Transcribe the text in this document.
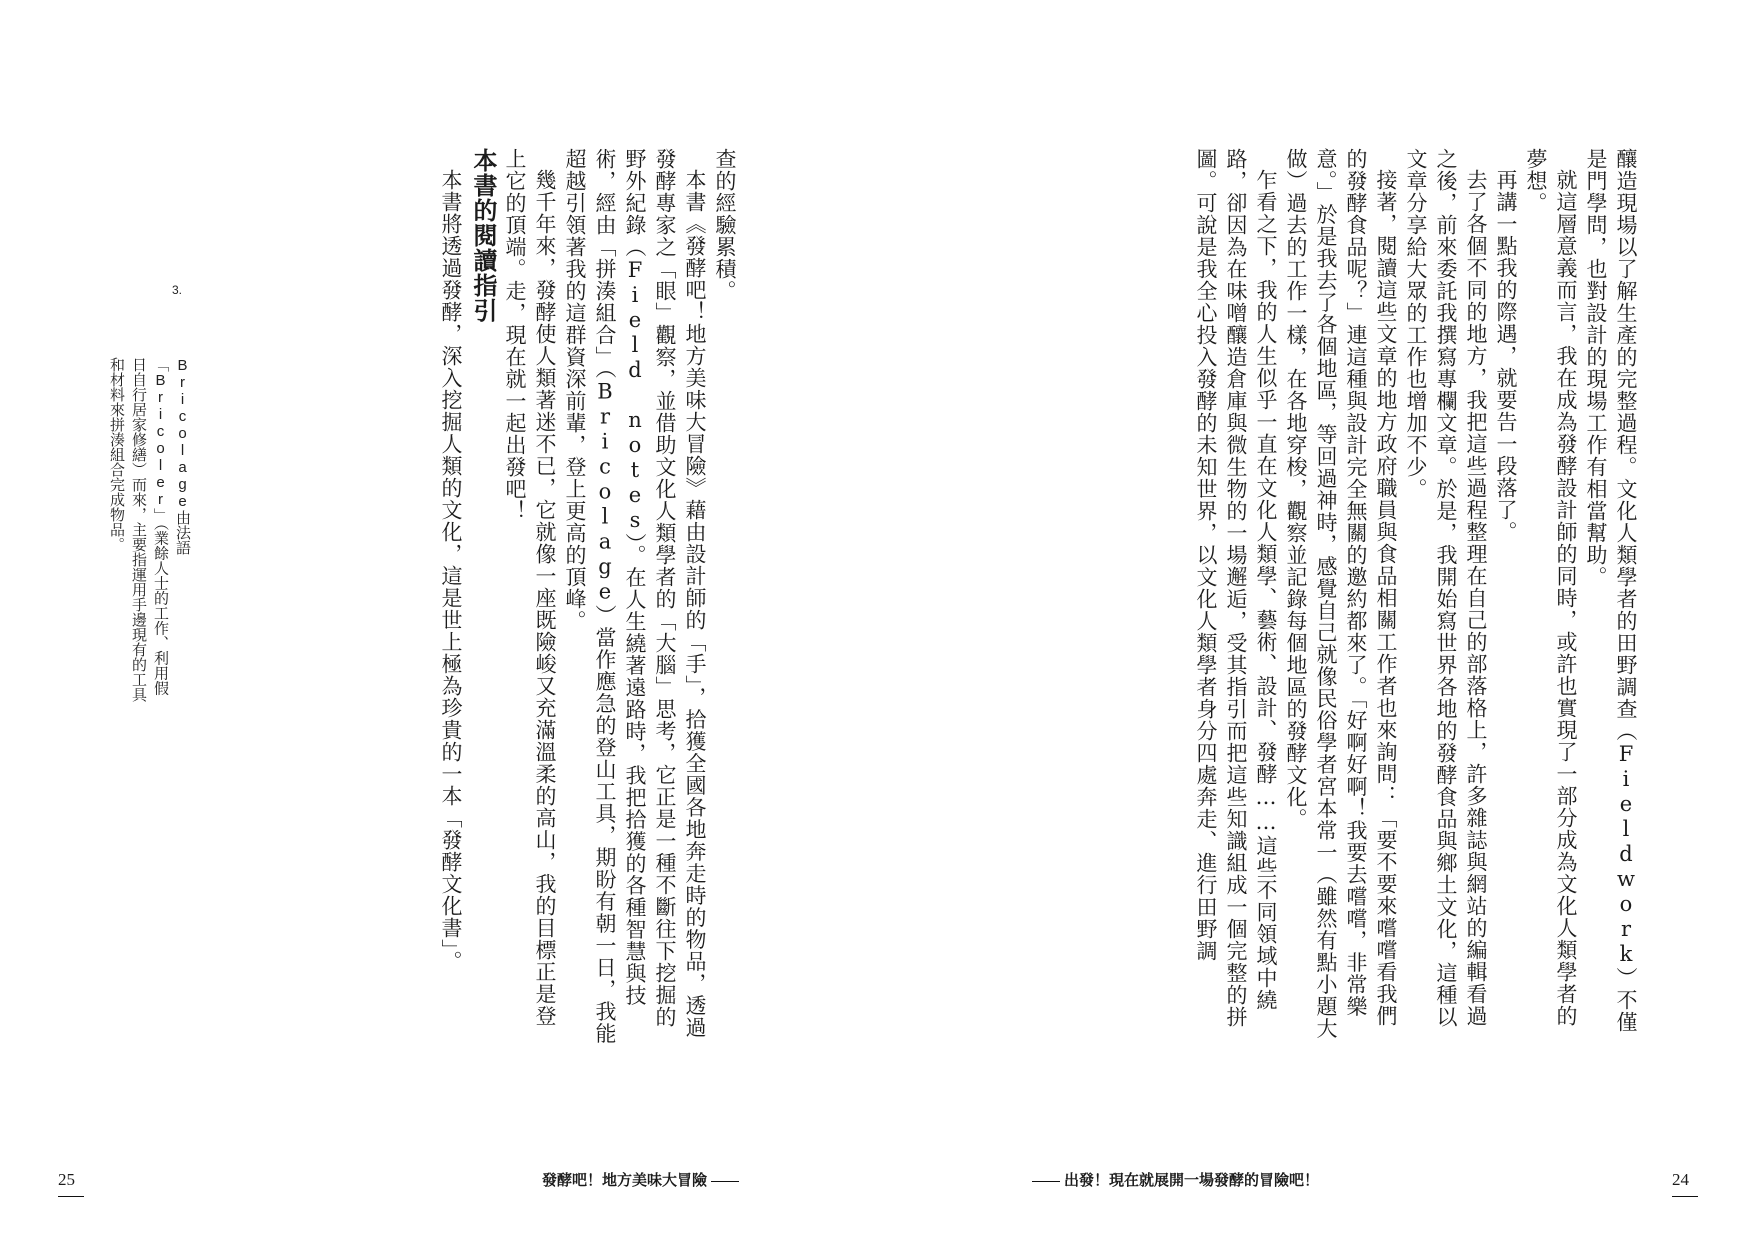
查的經驗累積。

本書《發酵吧！地方美味大冒險》藉由設計師的「手」，拾獲全國各地奔走時的物品，透過發酵專家之「眼」觀察，並借助文化人類學者的「大腦」思考，它正是一種不斷往下挖掘的野外紀錄（Field notes）。在人生繞著遠路時，我把拾獲的各種智慧與技術，經由「拼湊組合」（Bricolage）當作應急的登山工具，期盼有朝一日，我能超越引領著我的這群資深前輩，登上更高的頂峰。

幾千年來，發酵使人類著迷不已，它就像一座既險峻又充滿溫柔的高山，我的目標正是登上它的頂端。走，現在就一起出發吧！

本書的閱讀指引

本書將透過發酵，深入挖掘人類的文化，這是世上極為珍貴的一本「發酵文化書」。

3.
Bricolage由法語「Bricoler」（業餘人士的工作、利用假日自行居家修繕）而來，主要指運用手邊現有的工具和材料來拼湊組合完成物品。	釀造現場以了解生產的完整過程。文化人類學者的田野調查（Fieldwork）不僅是門學問，也對設計的現場工作有相當幫助。

就這層意義而言，我在成為發酵設計師的同時，或許也實現了一部分成為文化人類學者的夢想。

再講一點我的際遇，就要告一段落了。

去了各個不同的地方，我把這些過程整理在自己的部落格上，許多雜誌與網站的編輯看過之後，前來委託我撰寫專欄文章。於是，我開始寫世界各地的發酵食品與鄉土文化，這種以文章分享給大眾的工作也增加不少。

接著，閱讀這些文章的地方政府職員與食品相關工作者也來詢問：「要不要來嚐嚐看我們的發酵食品呢？」連這種與設計完全無關的邀約都來了。「好啊好啊！我要去嚐嚐，非常樂意。」於是我去了各個地區，等回過神時，感覺自己就像民俗學者宮本常一（雖然有點小題大做）過去的工作一樣，在各地穿梭，觀察並記錄每個地區的發酵文化。

乍看之下，我的人生似乎一直在文化人類學、藝術、設計、發酵……這些不同領域中繞路，卻因為在味噌釀造倉庫與微生物的一場邂逅，受其指引而把這些知識組成一個完整的拼圖。可說是我全心投入發酵的未知世界，以文化人類學者身分四處奔走、進行田野調

25	發酵吧！地方美味大冒險	出發！現在就展開一場發酵的冒險吧！	24
